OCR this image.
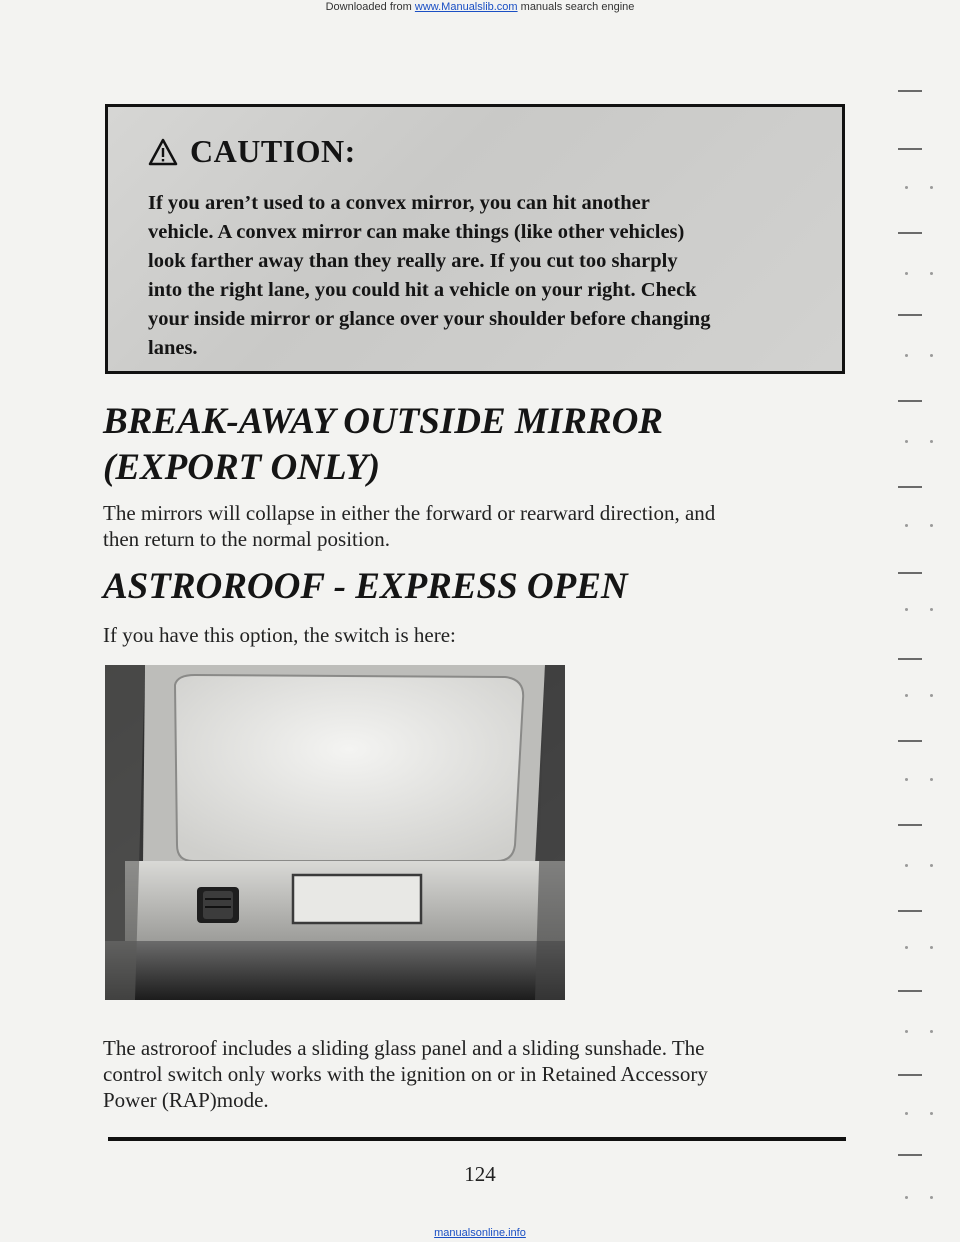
Downloaded from www.Manualslib.com manuals search engine
CAUTION:
If you aren’t used to a convex mirror, you can hit another
vehicle. A convex mirror can make things (like other vehicles)
look farther away than they really are. If you cut too sharply
into the right lane, you could hit a vehicle on your right. Check
your inside mirror or glance over your shoulder before changing
lanes.
BREAK-AWAY OUTSIDE MIRROR
(EXPORT ONLY)
The mirrors will collapse in either the forward or rearward direction, and
then return to the normal position.
ASTROROOF - EXPRESS OPEN
If you have this option, the switch is here:
The astroroof includes a sliding glass panel and a sliding sunshade. The
control switch only works with the ignition on or in Retained Accessory
Power (RAP)mode.
124
manualsonline.info
